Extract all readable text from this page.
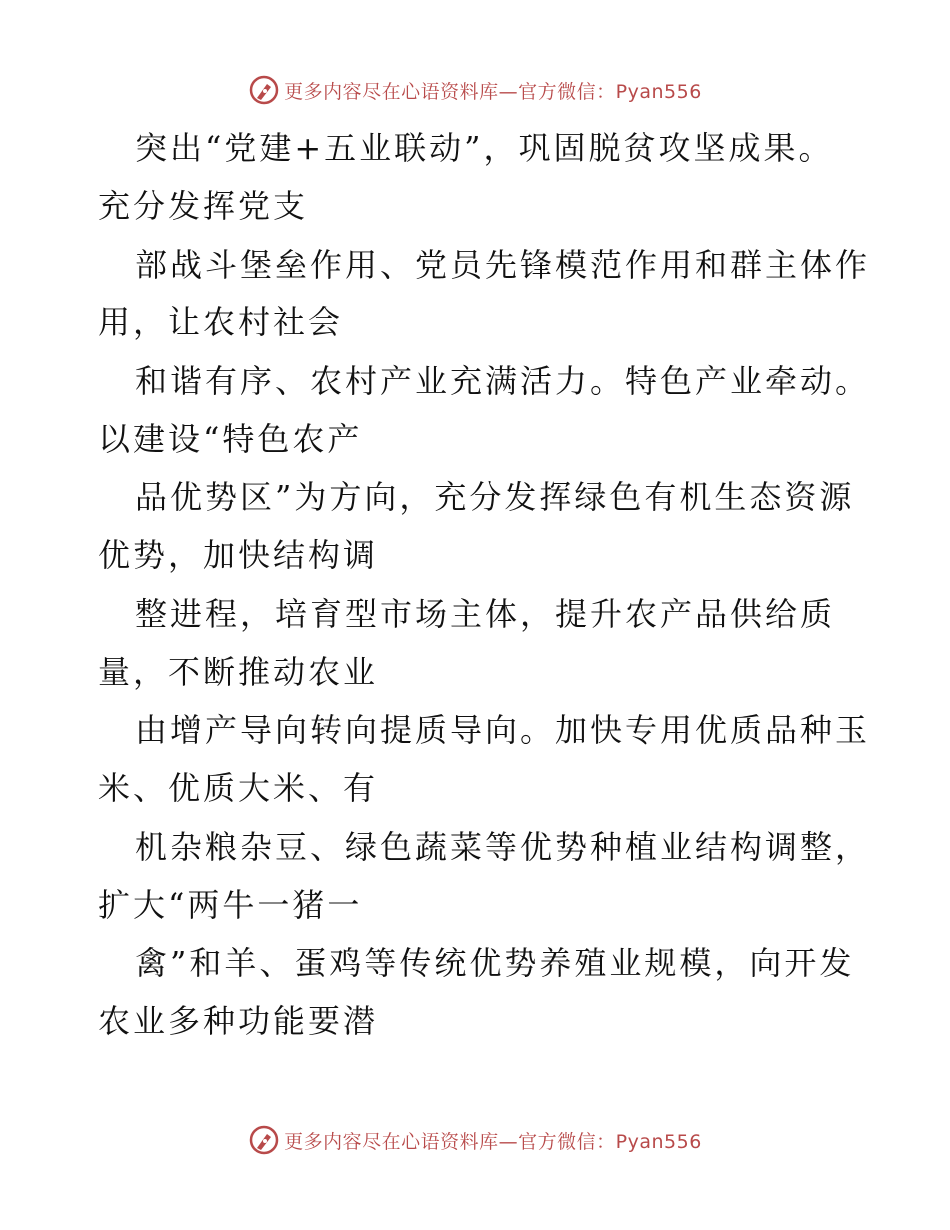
更多内容尽在心语资料库—官方微信：Pyan556
突出“党建+五业联动”，巩固脱贫攻坚成果。
充分发挥党支
部战斗堡垒作用、党员先锋模范作用和群主体作
用，让农村社会
和谐有序、农村产业充满活力。特色产业牵动。
以建设“特色农产
品优势区”为方向，充分发挥绿色有机生态资源
优势，加快结构调
整进程，培育型市场主体，提升农产品供给质
量，不断推动农业
由增产导向转向提质导向。加快专用优质品种玉
米、优质大米、有
机杂粮杂豆、绿色蔬菜等优势种植业结构调整，
扩大“两牛一猪一
禽”和羊、蛋鸡等传统优势养殖业规模，向开发
农业多种功能要潜
更多内容尽在心语资料库—官方微信：Pyan556
